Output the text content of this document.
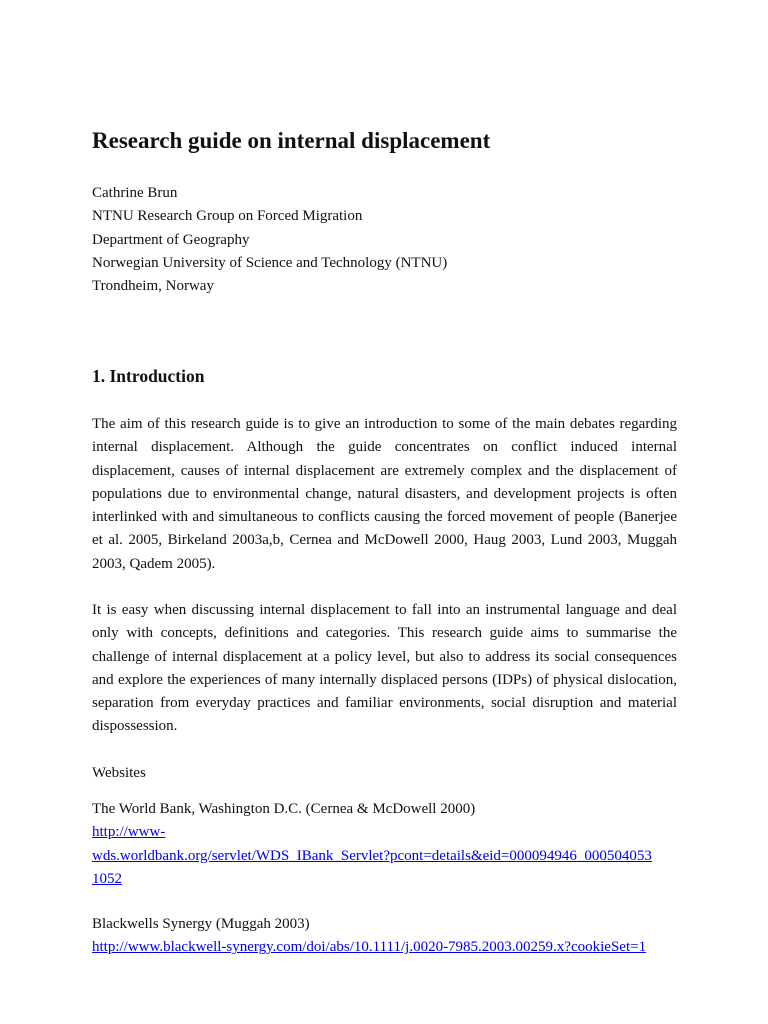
Research guide on internal displacement
Cathrine Brun
NTNU Research Group on Forced Migration
Department of Geography
Norwegian University of Science and Technology (NTNU)
Trondheim, Norway
1. Introduction

The aim of this research guide is to give an introduction to some of the main debates regarding internal displacement. Although the guide concentrates on conflict induced internal displacement, causes of internal displacement are extremely complex and the displacement of populations due to environmental change, natural disasters, and development projects is often interlinked with and simultaneous to conflicts causing the forced movement of people (Banerjee et al. 2005, Birkeland 2003a,b, Cernea and McDowell 2000, Haug 2003, Lund 2003, Muggah 2003, Qadem 2005).

It is easy when discussing internal displacement to fall into an instrumental language and deal only with concepts, definitions and categories. This research guide aims to summarise the challenge of internal displacement at a policy level, but also to address its social consequences and explore the experiences of many internally displaced persons (IDPs) of physical dislocation, separation from everyday practices and familiar environments, social disruption and material dispossession.

Websites
The World Bank, Washington D.C. (Cernea & McDowell 2000)
http://www-
wds.worldbank.org/servlet/WDS_IBank_Servlet?pcont=details&eid=000094946_000504053
1052
Blackwells Synergy (Muggah 2003)
http://www.blackwell-synergy.com/doi/abs/10.1111/j.0020-7985.2003.00259.x?cookieSet=1
